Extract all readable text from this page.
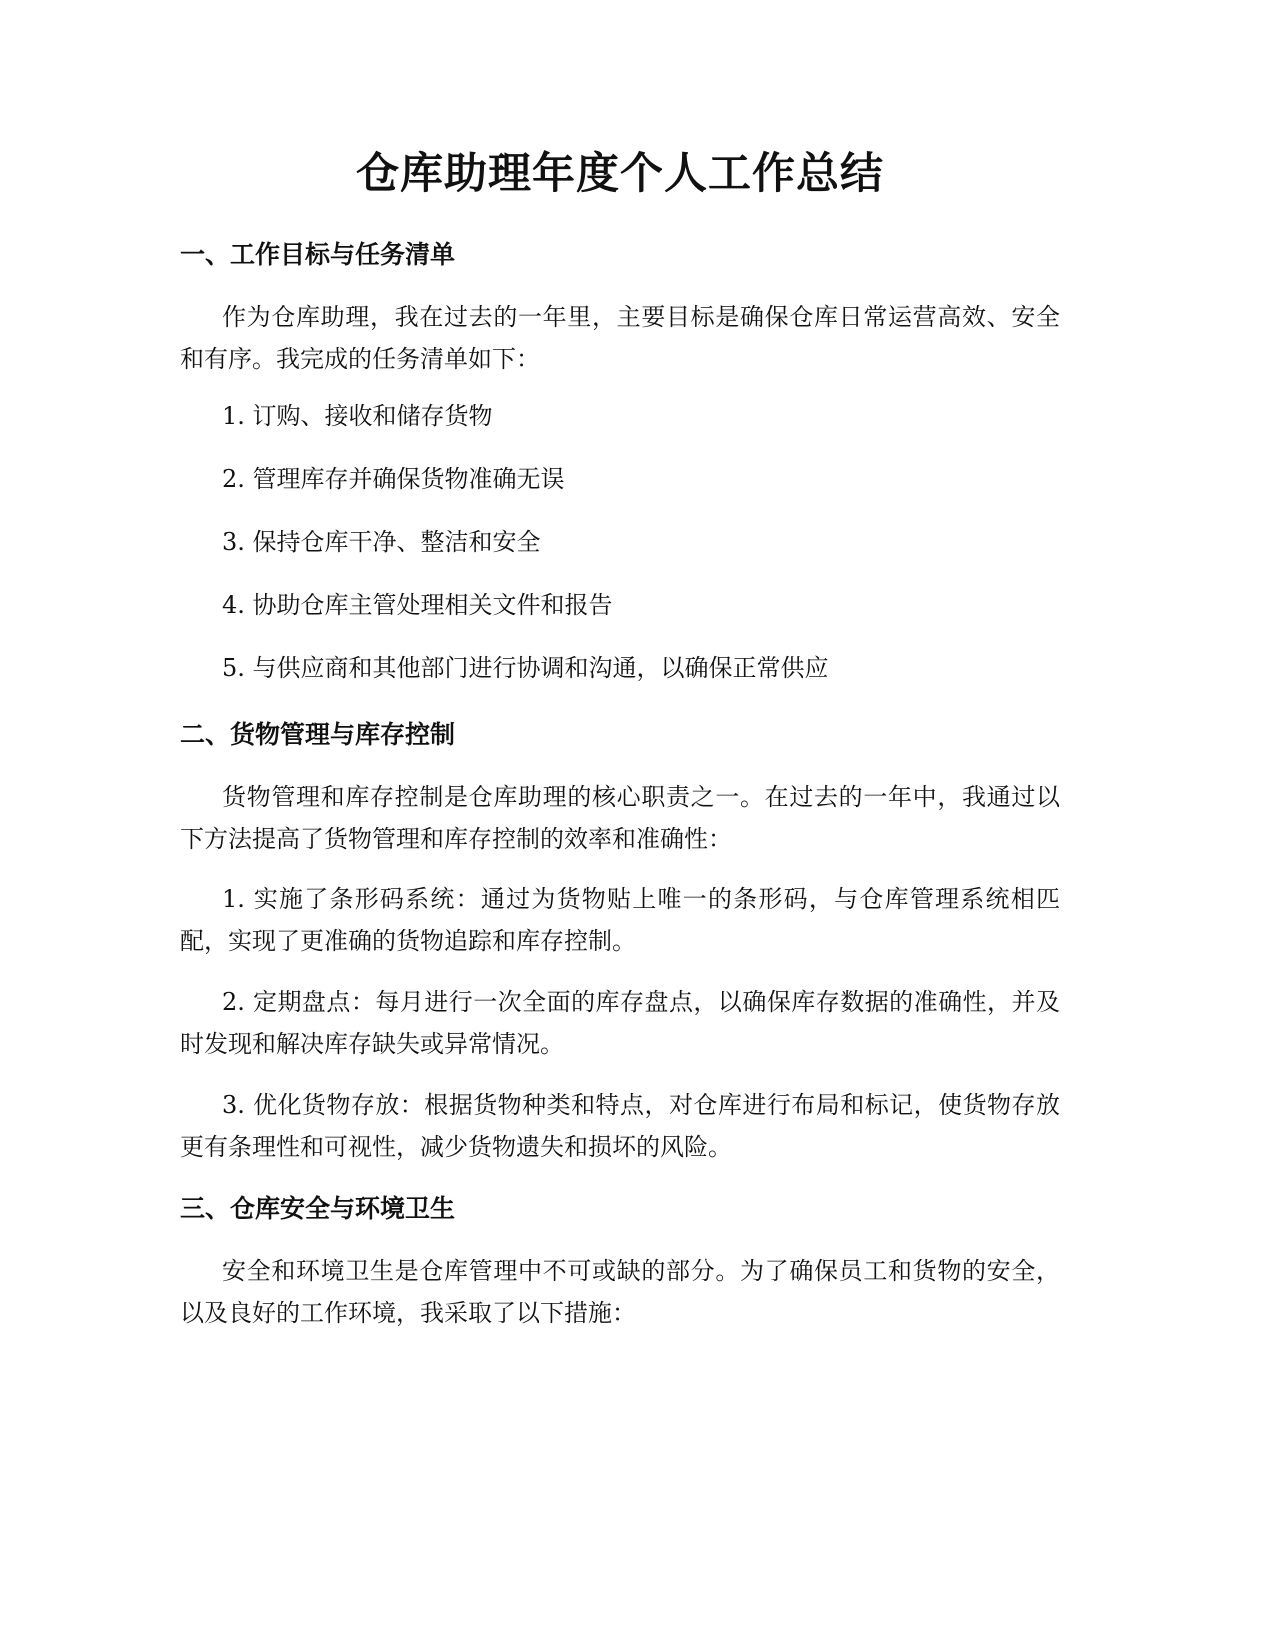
仓库助理年度个人工作总结
一、工作目标与任务清单

作为仓库助理，我在过去的一年里，主要目标是确保仓库日常运营高效、安全和有序。我完成的任务清单如下：

1. 订购、接收和储存货物

2. 管理库存并确保货物准确无误

3. 保持仓库干净、整洁和安全

4. 协助仓库主管处理相关文件和报告

5. 与供应商和其他部门进行协调和沟通，以确保正常供应

二、货物管理与库存控制

货物管理和库存控制是仓库助理的核心职责之一。在过去的一年中，我通过以下方法提高了货物管理和库存控制的效率和准确性：

1. 实施了条形码系统：通过为货物贴上唯一的条形码，与仓库管理系统相匹配，实现了更准确的货物追踪和库存控制。

2. 定期盘点：每月进行一次全面的库存盘点，以确保库存数据的准确性，并及时发现和解决库存缺失或异常情况。

3. 优化货物存放：根据货物种类和特点，对仓库进行布局和标记，使货物存放更有条理性和可视性，减少货物遗失和损坏的风险。

三、仓库安全与环境卫生

安全和环境卫生是仓库管理中不可或缺的部分。为了确保员工和货物的安全，以及良好的工作环境，我采取了以下措施：
